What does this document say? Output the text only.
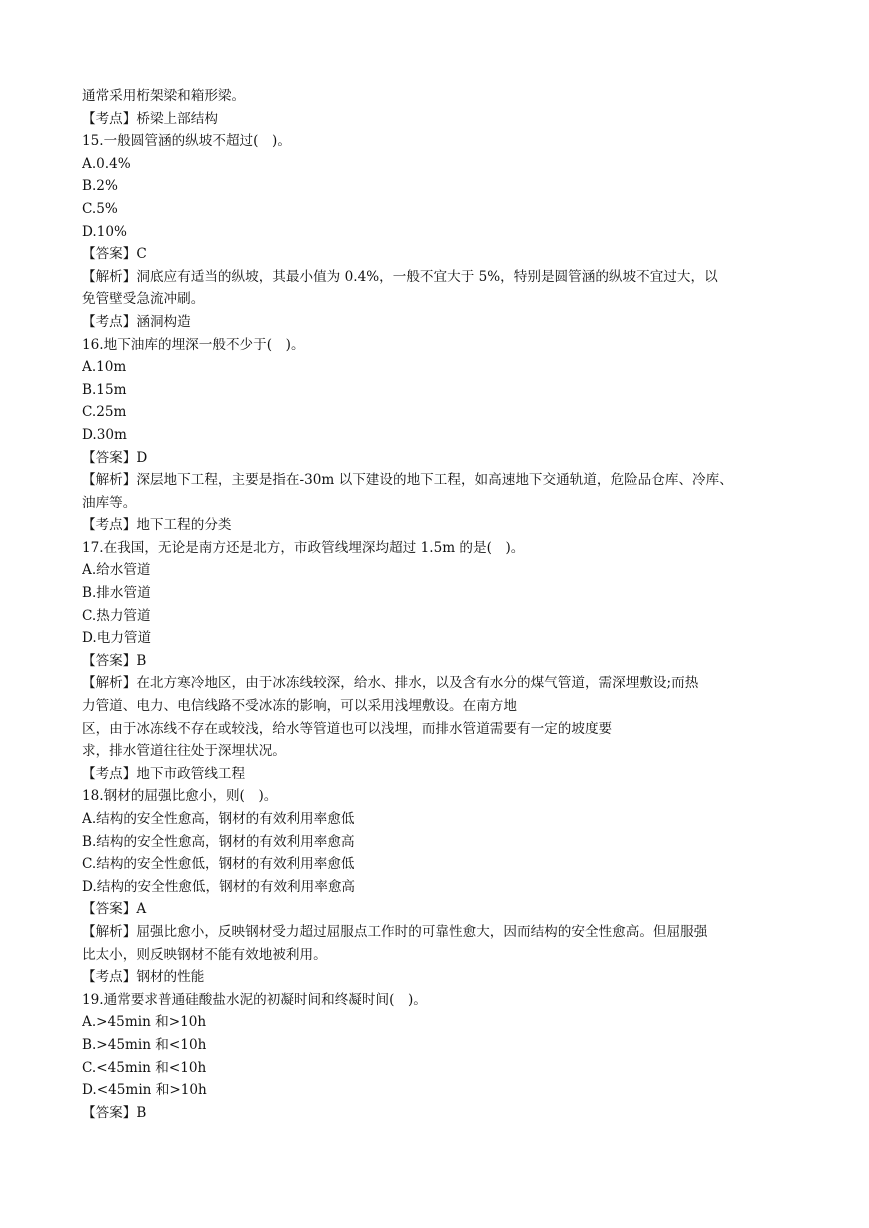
通常采用桁架梁和箱形梁。
【考点】桥梁上部结构
15.一般圆管涵的纵坡不超过(　)。
A.0.4%
B.2%
C.5%
D.10%
【答案】C
【解析】洞底应有适当的纵坡，其最小值为 0.4%，一般不宜大于 5%，特别是圆管涵的纵坡不宜过大，以
免管壁受急流冲刷。
【考点】涵洞构造
16.地下油库的埋深一般不少于(　)。
A.10m
B.15m
C.25m
D.30m
【答案】D
【解析】深层地下工程，主要是指在-30m 以下建设的地下工程，如高速地下交通轨道，危险品仓库、冷库、
油库等。
【考点】地下工程的分类
17.在我国，无论是南方还是北方，市政管线埋深均超过 1.5m 的是(　)。
A.给水管道
B.排水管道
C.热力管道
D.电力管道
【答案】B
【解析】在北方寒冷地区，由于冰冻线较深，给水、排水，以及含有水分的煤气管道，需深埋敷设;而热
力管道、电力、电信线路不受冰冻的影响，可以采用浅埋敷设。在南方地
区，由于冰冻线不存在或较浅，给水等管道也可以浅埋，而排水管道需要有一定的坡度要
求，排水管道往往处于深埋状况。
【考点】地下市政管线工程
18.钢材的屈强比愈小，则(　)。
A.结构的安全性愈高，钢材的有效利用率愈低
B.结构的安全性愈高，钢材的有效利用率愈高
C.结构的安全性愈低，钢材的有效利用率愈低
D.结构的安全性愈低，钢材的有效利用率愈高
【答案】A
【解析】屈强比愈小，反映钢材受力超过屈服点工作时的可靠性愈大，因而结构的安全性愈高。但屈服强
比太小，则反映钢材不能有效地被利用。
【考点】钢材的性能
19.通常要求普通硅酸盐水泥的初凝时间和终凝时间(　)。
A.>45min 和>10h
B.>45min 和<10h
C.<45min 和<10h
D.<45min 和>10h
【答案】B
